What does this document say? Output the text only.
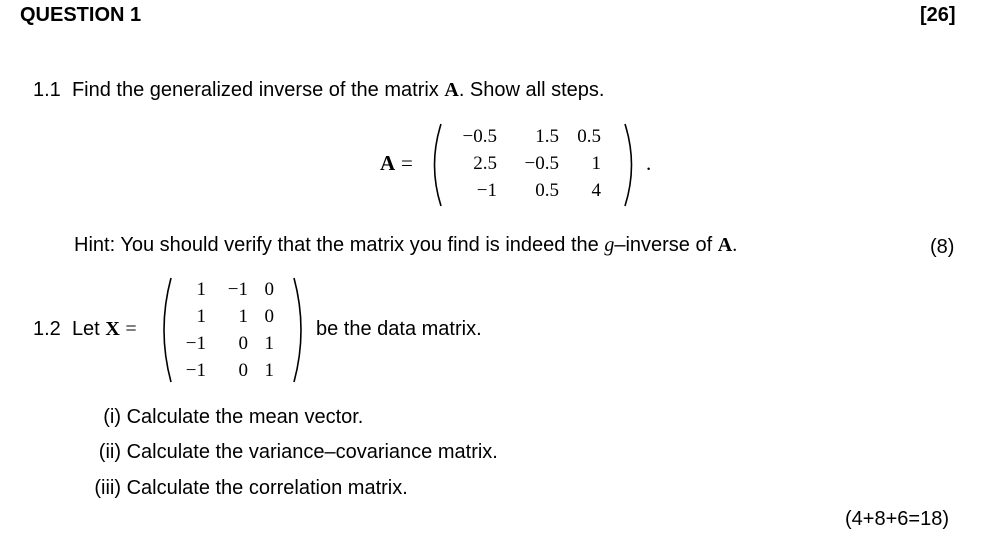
QUESTION 1	[26]
1.1 Find the generalized inverse of the matrix A. Show all steps.
A =
−0.5	1.5	0.5
2.5	−0.5	1
−1	0.5	4
.
Hint: You should verify that the matrix you find is indeed the g–inverse of A.	(8)
1.2 Let X =
1	−1	0
1	1	0
−1	0	1
−1	0	1
be the data matrix.
(i) Calculate the mean vector.
(ii) Calculate the variance–covariance matrix.
(iii) Calculate the correlation matrix.
(4+8+6=18)
